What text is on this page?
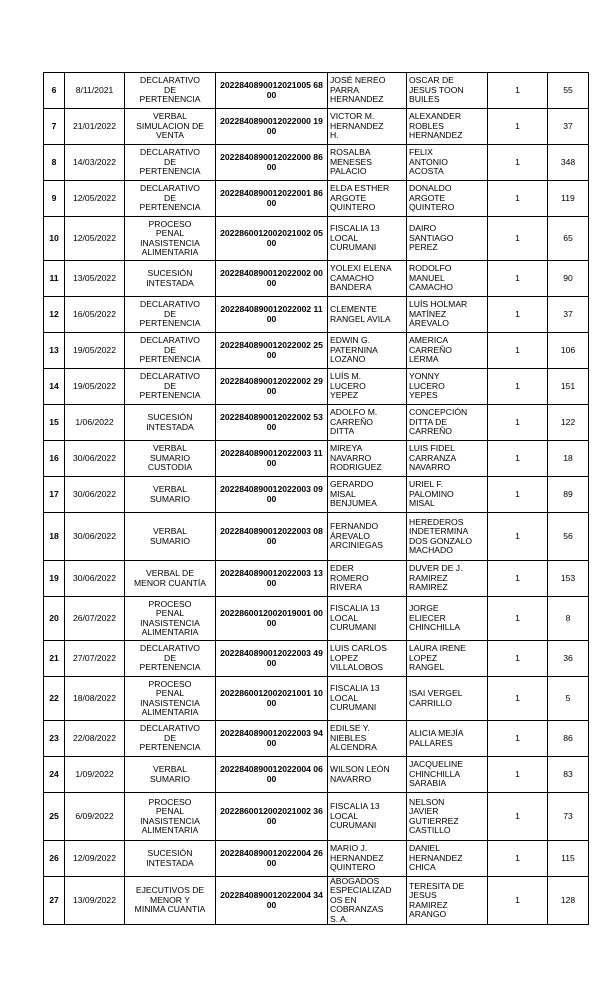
6	8/11/2021	DECLARATIVO
DE
PERTENENCIA	2022840890012021005 6800	JOSÉ NEREO
PARRA
HERNANDEZ	OSCAR DE
JESUS TOON
BUILES	1	55
7	21/01/2022	VERBAL
SIMULACION DE
VENTA	2022840890012022000 1900	VICTOR M.
HERNANDEZ
H.	ALEXANDER
ROBLES
HERNANDEZ	1	37
8	14/03/2022	DECLARATIVO
DE
PERTENENCIA	2022840890012022000 8600	ROSALBA
MENESES
PALACIO	FELIX
ANTONIO
ACOSTA	1	348
9	12/05/2022	DECLARATIVO
DE
PERTENENCIA	2022840890012022001 8600	ELDA ESTHER
ARGOTE
QUINTERO	DONALDO
ARGOTE
QUINTERO	1	119
10	12/05/2022	PROCESO
PENAL
INASISTENCIA
ALIMENTARIA	2022860012002021002 0500	FISCALIA 13
LOCAL
CURUMANI	DAIRO
SANTIAGO
PEREZ	1	65
11	13/05/2022	SUCESIÓN
INTESTADA	2022840890012022002 0000	YOLEXI ELENA
CAMACHO
BANDERA	RODOLFO
MANUEL
CAMACHO	1	90
12	16/05/2022	DECLARATIVO
DE
PERTENENCIA	2022840890012022002 1100	CLEMENTE
RANGEL AVILA	LUÍS HOLMAR
MATÍNEZ
ÁREVALO	1	37
13	19/05/2022	DECLARATIVO
DE
PERTENENCIA	2022840890012022002 2500	EDWIN G.
PATERNINA
LOZANO	AMERICA
CARREÑO
LERMA	1	106
14	19/05/2022	DECLARATIVO
DE
PERTENENCIA	2022840890012022002 2900	LUÍS M.
LUCERO
YEPEZ	YONNY
LUCERO
YEPES	1	151
15	1/06/2022	SUCESIÓN
INTESTADA	2022840890012022002 5300	ADOLFO M.
CARREÑO
DITTA	CONCEPCIÓN
DITTA DE
CARREÑO	1	122
16	30/06/2022	VERBAL
SUMARIO
CUSTODIA	2022840890012022003 1100	MIREYA
NAVARRO
RODRIGUEZ	LUIS FIDEL
CARRANZA
NAVARRO	1	18
17	30/06/2022	VERBAL
SUMARIO	2022840890012022003 0900	GERARDO
MISAL
BENJUMEA	URIEL F.
PALOMINO
MISAL	1	89
18	30/06/2022	VERBAL
SUMARIO	2022840890012022003 0800	FERNANDO
ÁREVALO
ARCINIEGAS	HEREDEROS
INDETERMINA
DOS GONZALO
MACHADO	1	56
19	30/06/2022	VERBAL DE
MENOR CUANTÍA	2022840890012022003 1300	EDER
ROMERO
RIVERA	DUVER DE J.
RAMIREZ
RAMIREZ	1	153
20	26/07/2022	PROCESO
PENAL
INASISTENCIA
ALIMENTARIA	2022860012002019001 0000	FISCALIA 13
LOCAL
CURUMANI	JORGE
ELIECER
CHINCHILLA	1	8
21	27/07/2022	DECLARATIVO
DE
PERTENENCIA	2022840890012022003 4900	LUIS CARLOS
LOPEZ
VILLALOBOS	LAURA IRENE
LOPEZ
RANGEL	1	36
22	18/08/2022	PROCESO
PENAL
INASISTENCIA
ALIMENTARIA	2022860012002021001 1000	FISCALIA 13
LOCAL
CURUMANI	ISAI VERGEL
CARRILLO	1	5
23	22/08/2022	DECLARATIVO
DE
PERTENENCIA	2022840890012022003 9400	EDILSE Y.
NIEBLES
ALCENDRA	ALICIA MEJÍA
PALLARES	1	86
24	1/09/2022	VERBAL
SUMARIO	2022840890012022004 0600	WILSON LEÓN
NAVARRO	JACQUELINE
CHINCHILLA
SARABIA	1	83
25	6/09/2022	PROCESO
PENAL
INASISTENCIA
ALIMENTARIA	2022860012002021002 3600	FISCALIA 13
LOCAL
CURUMANI	NELSON
JAVIER
GUTIERREZ
CASTILLO	1	73
26	12/09/2022	SUCESIÓN
INTESTADA	2022840890012022004 2600	MARIO J.
HERNANDEZ
QUINTERO	DANIEL
HERNANDEZ
CHICA	1	115
27	13/09/2022	EJECUTIVOS DE
MENOR Y
MINIMA CUANTIA	2022840890012022004 3400	ABOGADOS
ESPECIALIZAD
OS EN
COBRANZAS
S. A.	TERESITA DE
JESUS
RAMIREZ
ARANGO	1	128
